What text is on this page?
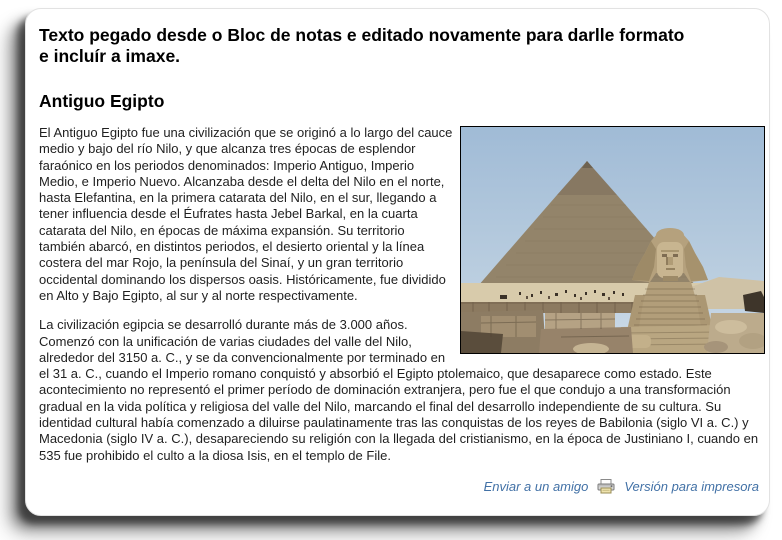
Texto pegado desde o Bloc de notas e editado novamente para darlle formato
e incluír a imaxe.
Antiguo Egipto

El Antiguo Egipto fue una civilización que se originó a lo largo del cauce medio y bajo del río Nilo, y que alcanza tres épocas de esplendor faraónico en los periodos denominados: Imperio Antiguo, Imperio Medio, e Imperio Nuevo. Alcanzaba desde el delta del Nilo en el norte, hasta Elefantina, en la primera catarata del Nilo, en el sur, llegando a tener influencia desde el Éufrates hasta Jebel Barkal, en la cuarta catarata del Nilo, en épocas de máxima expansión. Su territorio también abarcó, en distintos periodos, el desierto oriental y la línea costera del mar Rojo, la península del Sinaí, y un gran territorio occidental dominando los dispersos oasis. Históricamente, fue dividido en Alto y Bajo Egipto, al sur y al norte respectivamente.

La civilización egipcia se desarrolló durante más de 3.000 años. Comenzó con la unificación de varias ciudades del valle del Nilo, alrededor del 3150 a. C., y se da convencionalmente por terminado en el 31 a. C., cuando el Imperio romano conquistó y absorbió el Egipto ptolemaico, que desaparece como estado. Este acontecimiento no representó el primer período de dominación extranjera, pero fue el que condujo a una transformación gradual en la vida política y religiosa del valle del Nilo, marcando el final del desarrollo independiente de su cultura. Su identidad cultural había comenzado a diluirse paulatinamente tras las conquistas de los reyes de Babilonia (siglo VI a. C.) y Macedonia (siglo IV a. C.), desapareciendo su religión con la llegada del cristianismo, en la época de Justiniano I, cuando en 535 fue prohibido el culto a la diosa Isis, en el templo de File.

Enviar a un amigo	Versión para impresora
